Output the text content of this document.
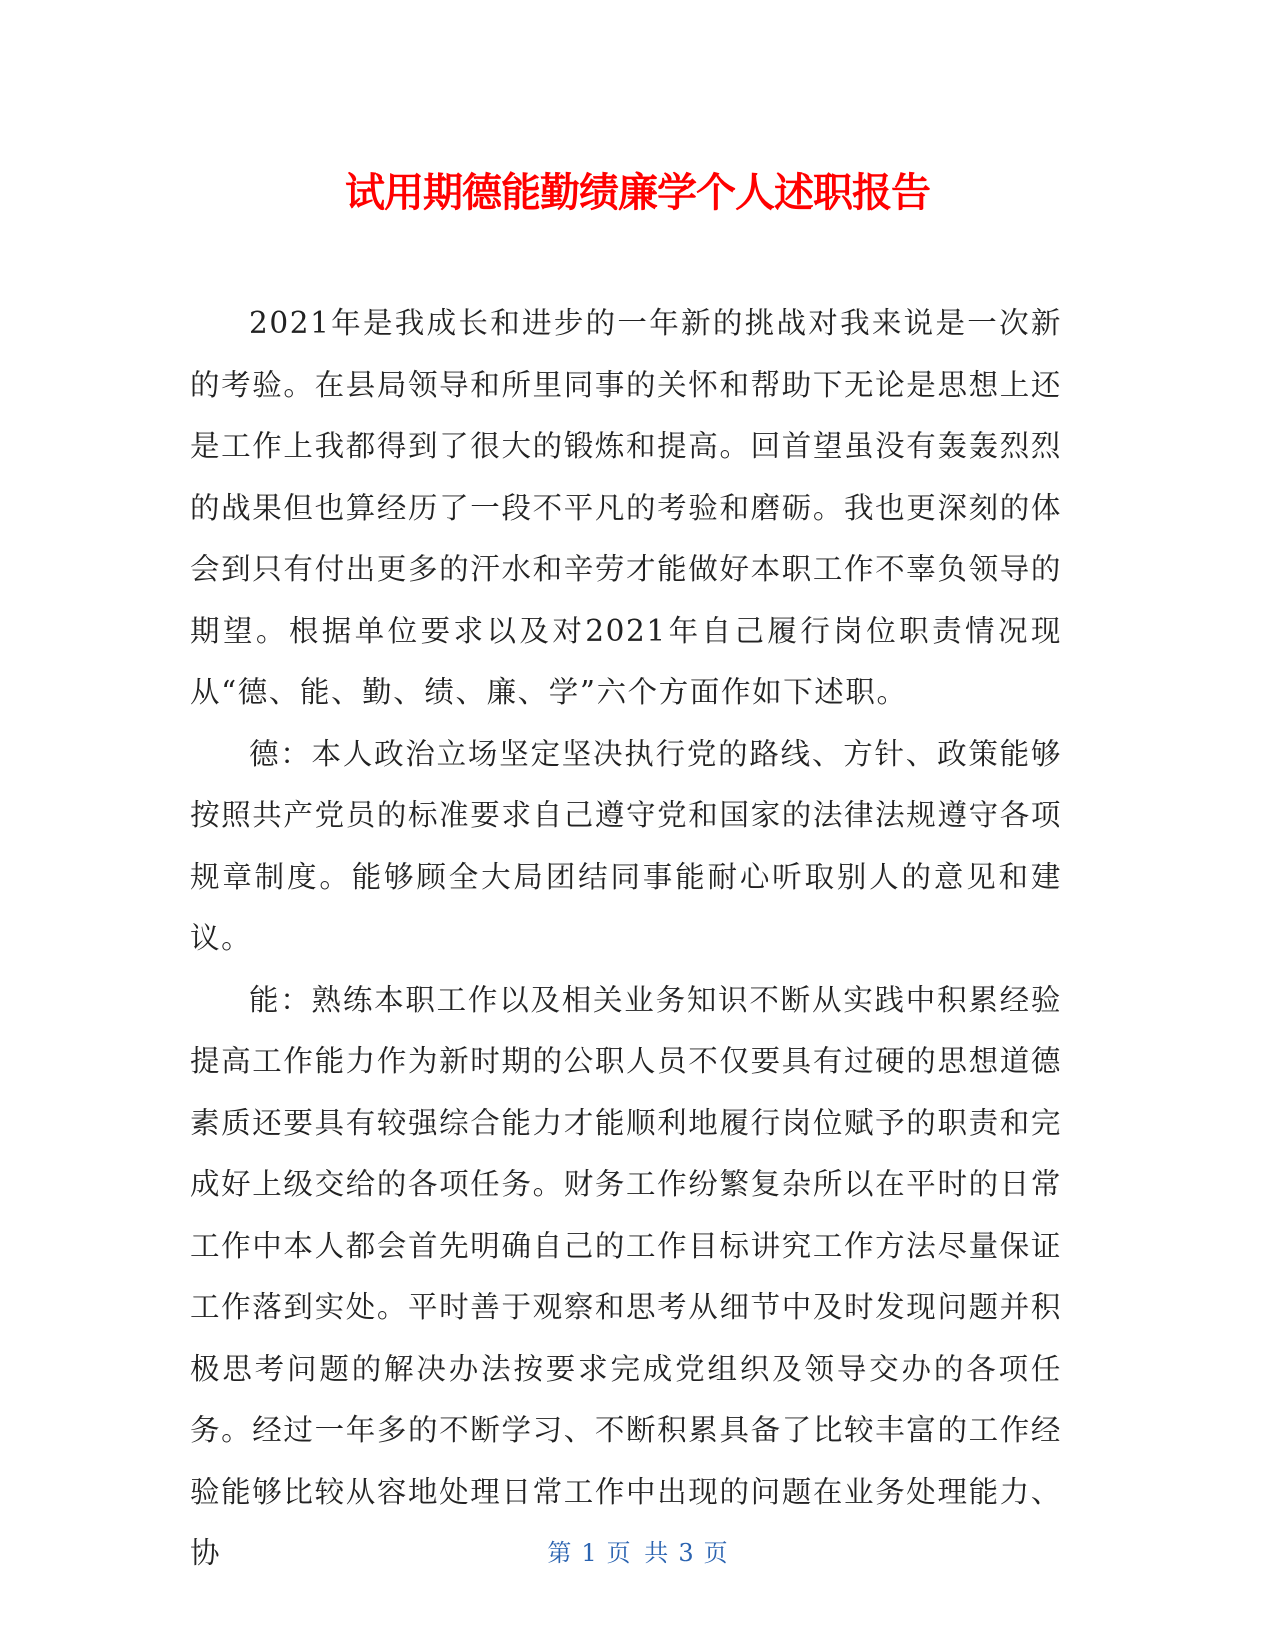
试用期德能勤绩廉学个人述职报告

2021年是我成长和进步的一年新的挑战对我来说是一次新的考验。在县局领导和所里同事的关怀和帮助下无论是思想上还是工作上我都得到了很大的锻炼和提高。回首望虽没有轰轰烈烈的战果但也算经历了一段不平凡的考验和磨砺。我也更深刻的体会到只有付出更多的汗水和辛劳才能做好本职工作不辜负领导的期望。根据单位要求以及对2021年自己履行岗位职责情况现从“德、能、勤、绩、廉、学”六个方面作如下述职。

德：本人政治立场坚定坚决执行党的路线、方针、政策能够按照共产党员的标准要求自己遵守党和国家的法律法规遵守各项规章制度。能够顾全大局团结同事能耐心听取别人的意见和建议。

能：熟练本职工作以及相关业务知识不断从实践中积累经验提高工作能力作为新时期的公职人员不仅要具有过硬的思想道德素质还要具有较强综合能力才能顺利地履行岗位赋予的职责和完成好上级交给的各项任务。财务工作纷繁复杂所以在平时的日常工作中本人都会首先明确自己的工作目标讲究工作方法尽量保证工作落到实处。平时善于观察和思考从细节中及时发现问题并积极思考问题的解决办法按要求完成党组织及领导交办的各项任务。经过一年多的不断学习、不断积累具备了比较丰富的工作经验能够比较从容地处理日常工作中出现的问题在业务处理能力、协	第 1 页 共 3 页
